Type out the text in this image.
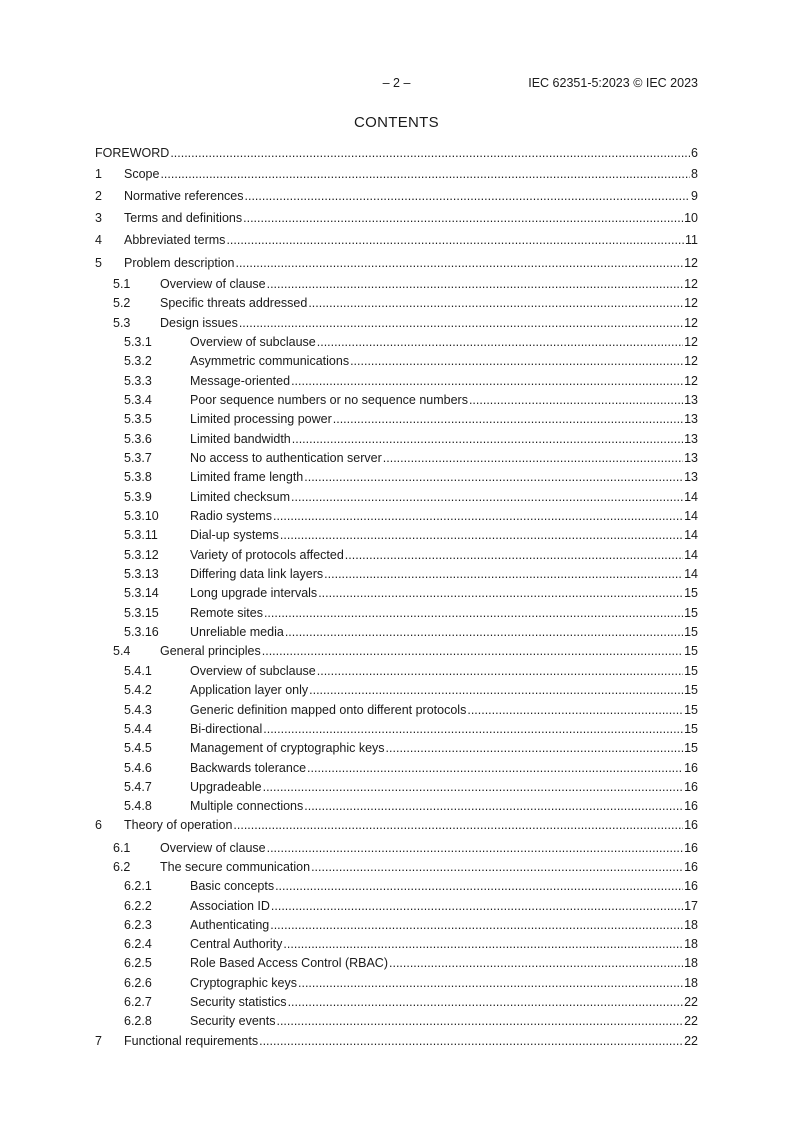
– 2 –	IEC 62351-5:2023 © IEC 2023
CONTENTS
FOREWORD .....	6
1	Scope .....	8
2	Normative references .....	9
3	Terms and definitions .....	10
4	Abbreviated terms .....	11
5	Problem description .....	12
5.1	Overview of clause .....	12
5.2	Specific threats addressed .....	12
5.3	Design issues .....	12
5.3.1	Overview of subclause .....	12
5.3.2	Asymmetric communications .....	12
5.3.3	Message-oriented .....	12
5.3.4	Poor sequence numbers or no sequence numbers .....	13
5.3.5	Limited processing power .....	13
5.3.6	Limited bandwidth .....	13
5.3.7	No access to authentication server .....	13
5.3.8	Limited frame length .....	13
5.3.9	Limited checksum .....	14
5.3.10	Radio systems .....	14
5.3.11	Dial-up systems .....	14
5.3.12	Variety of protocols affected .....	14
5.3.13	Differing data link layers .....	14
5.3.14	Long upgrade intervals .....	15
5.3.15	Remote sites .....	15
5.3.16	Unreliable media .....	15
5.4	General principles .....	15
5.4.1	Overview of subclause .....	15
5.4.2	Application layer only .....	15
5.4.3	Generic definition mapped onto different protocols .....	15
5.4.4	Bi-directional .....	15
5.4.5	Management of cryptographic keys .....	15
5.4.6	Backwards tolerance .....	16
5.4.7	Upgradeable .....	16
5.4.8	Multiple connections .....	16
6	Theory of operation .....	16
6.1	Overview of clause .....	16
6.2	The secure communication .....	16
6.2.1	Basic concepts .....	16
6.2.2	Association ID .....	17
6.2.3	Authenticating .....	18
6.2.4	Central Authority .....	18
6.2.5	Role Based Access Control (RBAC) .....	18
6.2.6	Cryptographic keys .....	18
6.2.7	Security statistics .....	22
6.2.8	Security events .....	22
7	Functional requirements .....	22
